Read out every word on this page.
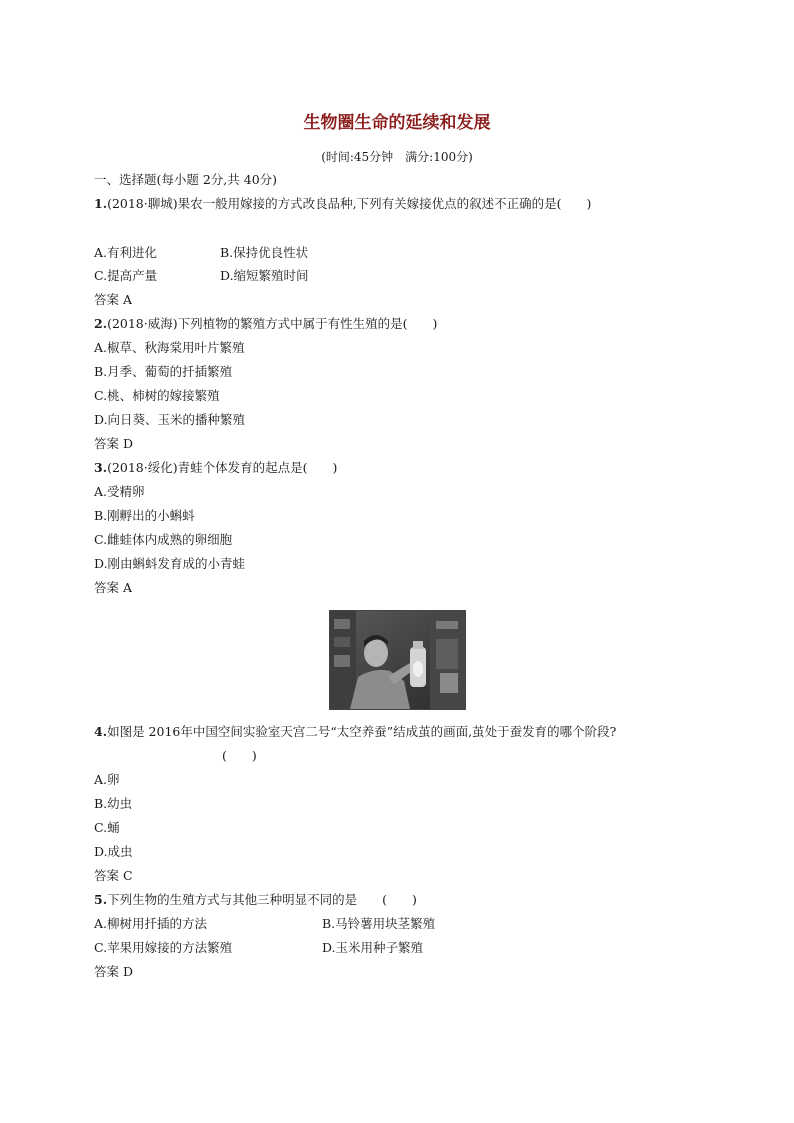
生物圈生命的延续和发展
(时间:45分钟　满分:100分)
一、选择题(每小题 2分,共 40分)
1.(2018·聊城)果农一般用嫁接的方式改良品种,下列有关嫁接优点的叙述不正确的是(　　)
A.有利进化	B.保持优良性状
C.提高产量	D.缩短繁殖时间
答案 A
2.(2018·威海)下列植物的繁殖方式中属于有性生殖的是(　　)
A.椒草、秋海棠用叶片繁殖
B.月季、葡萄的扦插繁殖
C.桃、柿树的嫁接繁殖
D.向日葵、玉米的播种繁殖
答案 D
3.(2018·绥化)青蛙个体发育的起点是(　　)
A.受精卵
B.刚孵出的小蝌蚪
C.雌蛙体内成熟的卵细胞
D.刚由蝌蚪发育成的小青蛙
答案 A
4.如图是 2016年中国空间实验室天宫二号“太空养蚕”结成茧的画面,茧处于蚕发育的哪个阶段?
(　　)
A.卵
B.幼虫
C.蛹
D.成虫
答案 C
5.下列生物的生殖方式与其他三种明显不同的是　　(　　)
A.柳树用扦插的方法	B.马铃薯用块茎繁殖
C.苹果用嫁接的方法繁殖	D.玉米用种子繁殖
答案 D
